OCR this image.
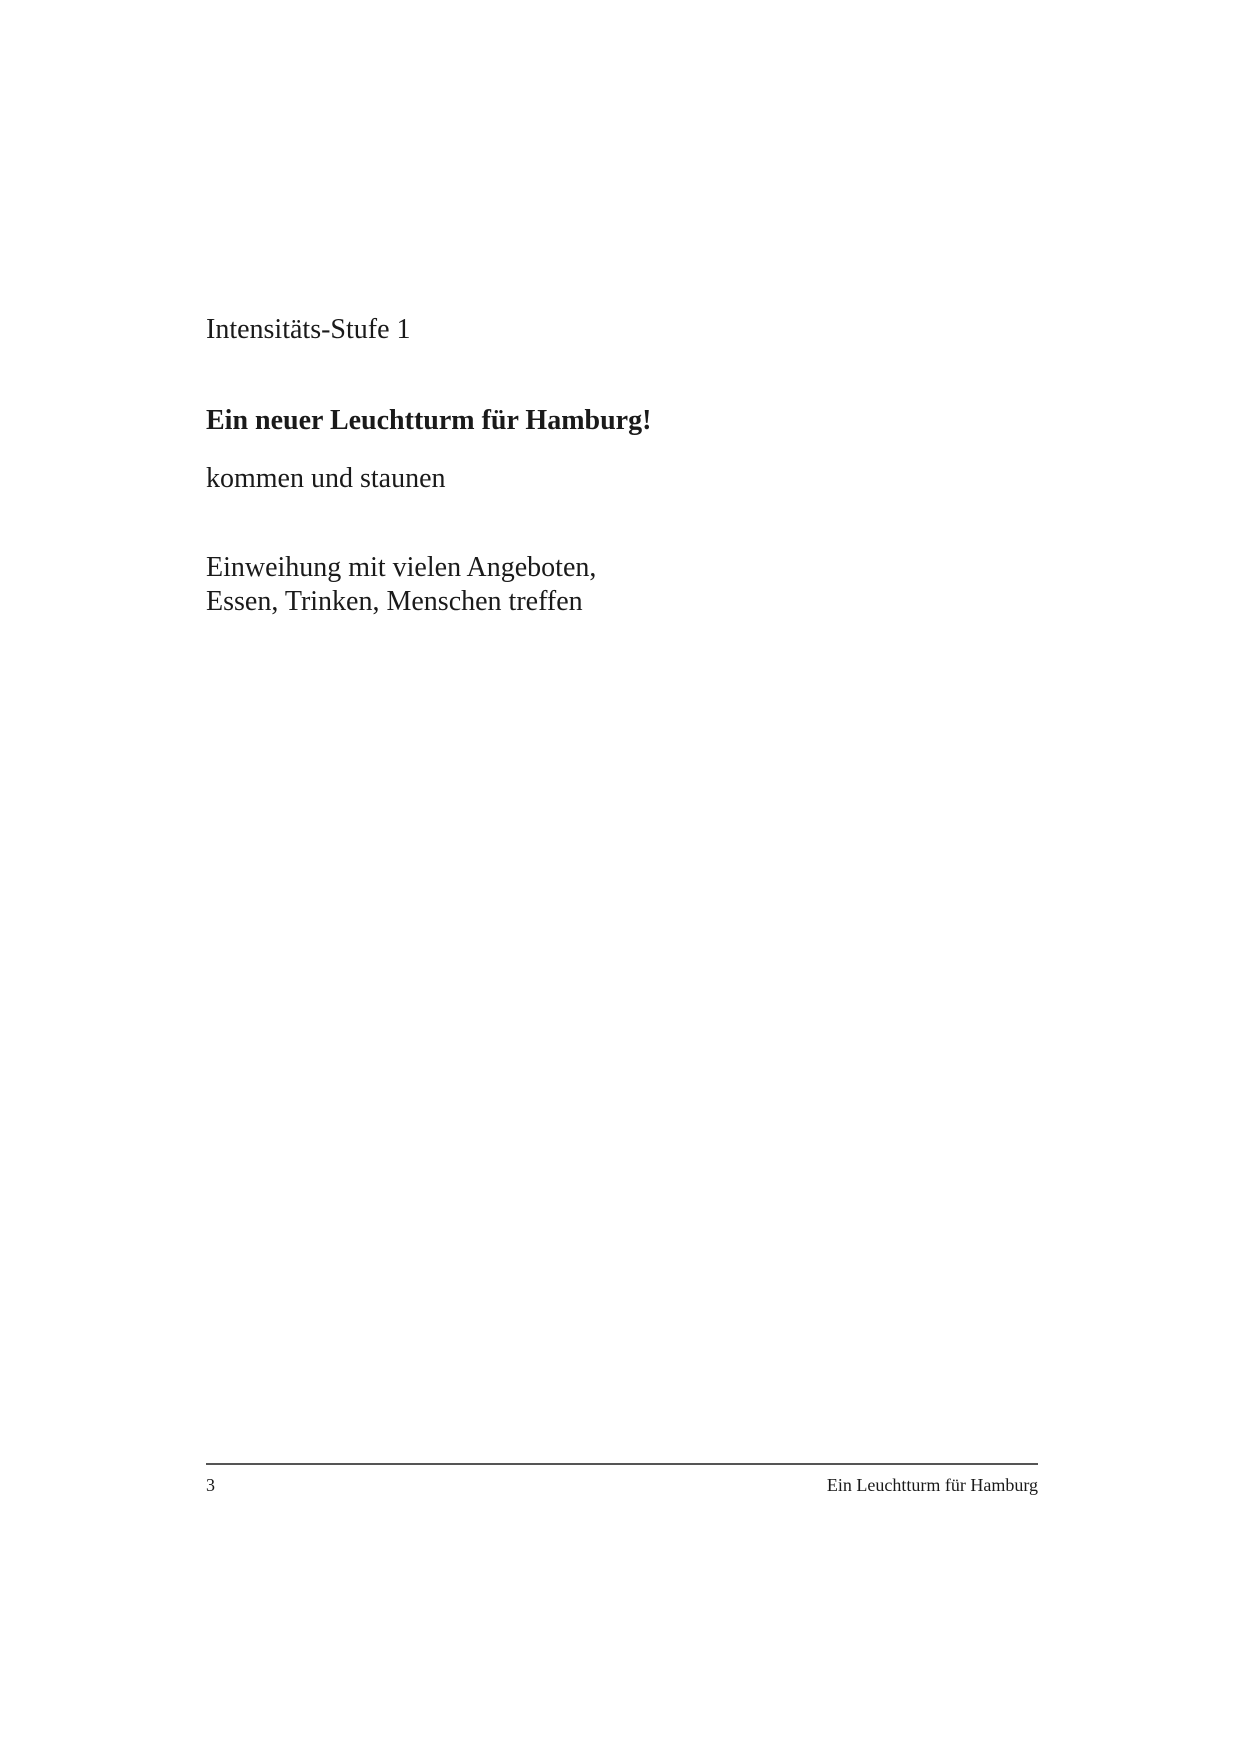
Intensitäts-Stufe 1
Ein neuer Leuchtturm für Hamburg!
kommen und staunen
Einweihung mit vielen Angeboten,
Essen, Trinken, Menschen treffen
3	Ein Leuchtturm für Hamburg
